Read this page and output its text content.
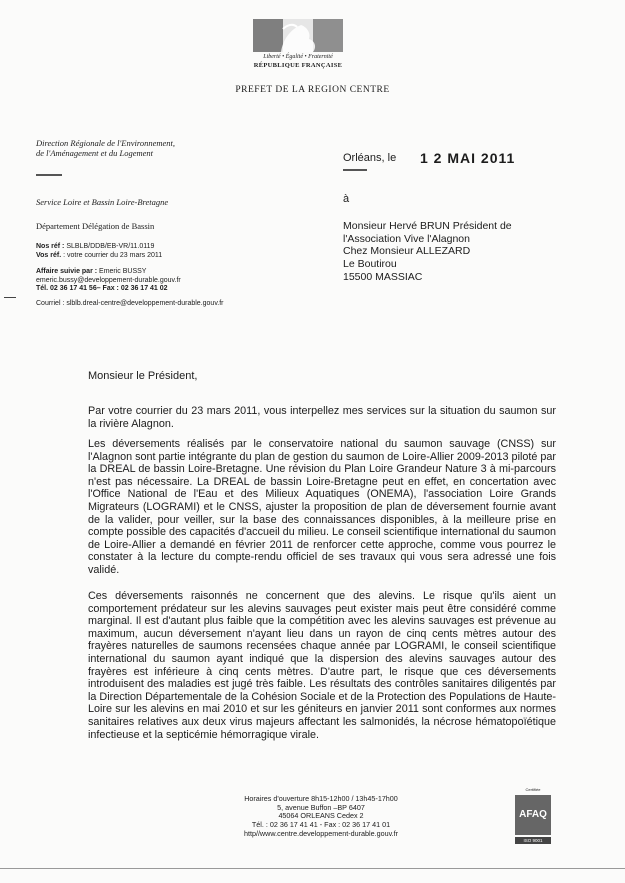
Liberté • Égalité • Fraternité
RÉPUBLIQUE FRANÇAISE
PREFET DE LA REGION CENTRE
Direction Régionale de l'Environnement,
de l'Aménagement et du Logement	Orléans, le 1 2 MAI 2011
à
Service Loire et Bassin Loire-Bretagne
Département Délégation de Bassin
Nos réf : SLBLB/DDB/EB-VR/11.0119
Vos réf. : votre courrier du 23 mars 2011
Affaire suivie par : Emeric BUSSY
emeric.bussy@developpement-durable.gouv.fr
Tél. 02 36 17 41 56– Fax : 02 36 17 41 02
Courriel : slblb.dreal-centre@developpement-durable.gouv.fr
Monsieur Hervé BRUN Président de
l'Association Vive l'Alagnon
Chez Monsieur ALLEZARD
Le Boutirou
15500 MASSIAC
Monsieur le Président,
Par votre courrier du 23 mars 2011, vous interpellez mes services sur la situation du saumon sur la rivière Alagnon.
Les déversements réalisés par le conservatoire national du saumon sauvage (CNSS) sur l'Alagnon sont partie intégrante du plan de gestion du saumon de Loire-Allier 2009-2013 piloté par la DREAL de bassin Loire-Bretagne. Une révision du Plan Loire Grandeur Nature 3 à mi-parcours n'est pas nécessaire. La DREAL de bassin Loire-Bretagne peut en effet, en concertation avec l'Office National de l'Eau et des Milieux Aquatiques (ONEMA), l'association Loire Grands Migrateurs (LOGRAMI) et le CNSS, ajuster la proposition de plan de déversement fournie avant de la valider, pour veiller, sur la base des connaissances disponibles, à la meilleure prise en compte possible des capacités d'accueil du milieu. Le conseil scientifique international du saumon de Loire-Allier a demandé en février 2011 de renforcer cette approche, comme vous pourrez le constater à la lecture du compte-rendu officiel de ses travaux qui vous sera adressé une fois validé.
Ces déversements raisonnés ne concernent que des alevins. Le risque qu'ils aient un comportement prédateur sur les alevins sauvages peut exister mais peut être considéré comme marginal. Il est d'autant plus faible que la compétition avec les alevins sauvages est prévenue au maximum, aucun déversement n'ayant lieu dans un rayon de cinq cents mètres autour des frayères naturelles de saumons recensées chaque année par LOGRAMI, le conseil scientifique international du saumon ayant indiqué que la dispersion des alevins sauvages autour des frayères est inférieure à cinq cents mètres. D'autre part, le risque que ces déversements introduisent des maladies est jugé très faible. Les résultats des contrôles sanitaires diligentés par la Direction Départementale de la Cohésion Sociale et de la Protection des Populations de Haute-Loire sur les alevins en mai 2010 et sur les géniteurs en janvier 2011 sont conformes aux normes sanitaires relatives aux deux virus majeurs affectant les salmonidés, la nécrose hématopoïétique infectieuse et la septicémie hémorragique virale.
Horaires d'ouverture 8h15-12h00 / 13h45-17h00
5, avenue Buffon –BP 6407
45064 ORLEANS Cedex 2
Tél. : 02 36 17 41 41 - Fax : 02 36 17 41 01
http//www.centre.developpement-durable.gouv.fr
Certifiée
AFAQ
ISO 9001
